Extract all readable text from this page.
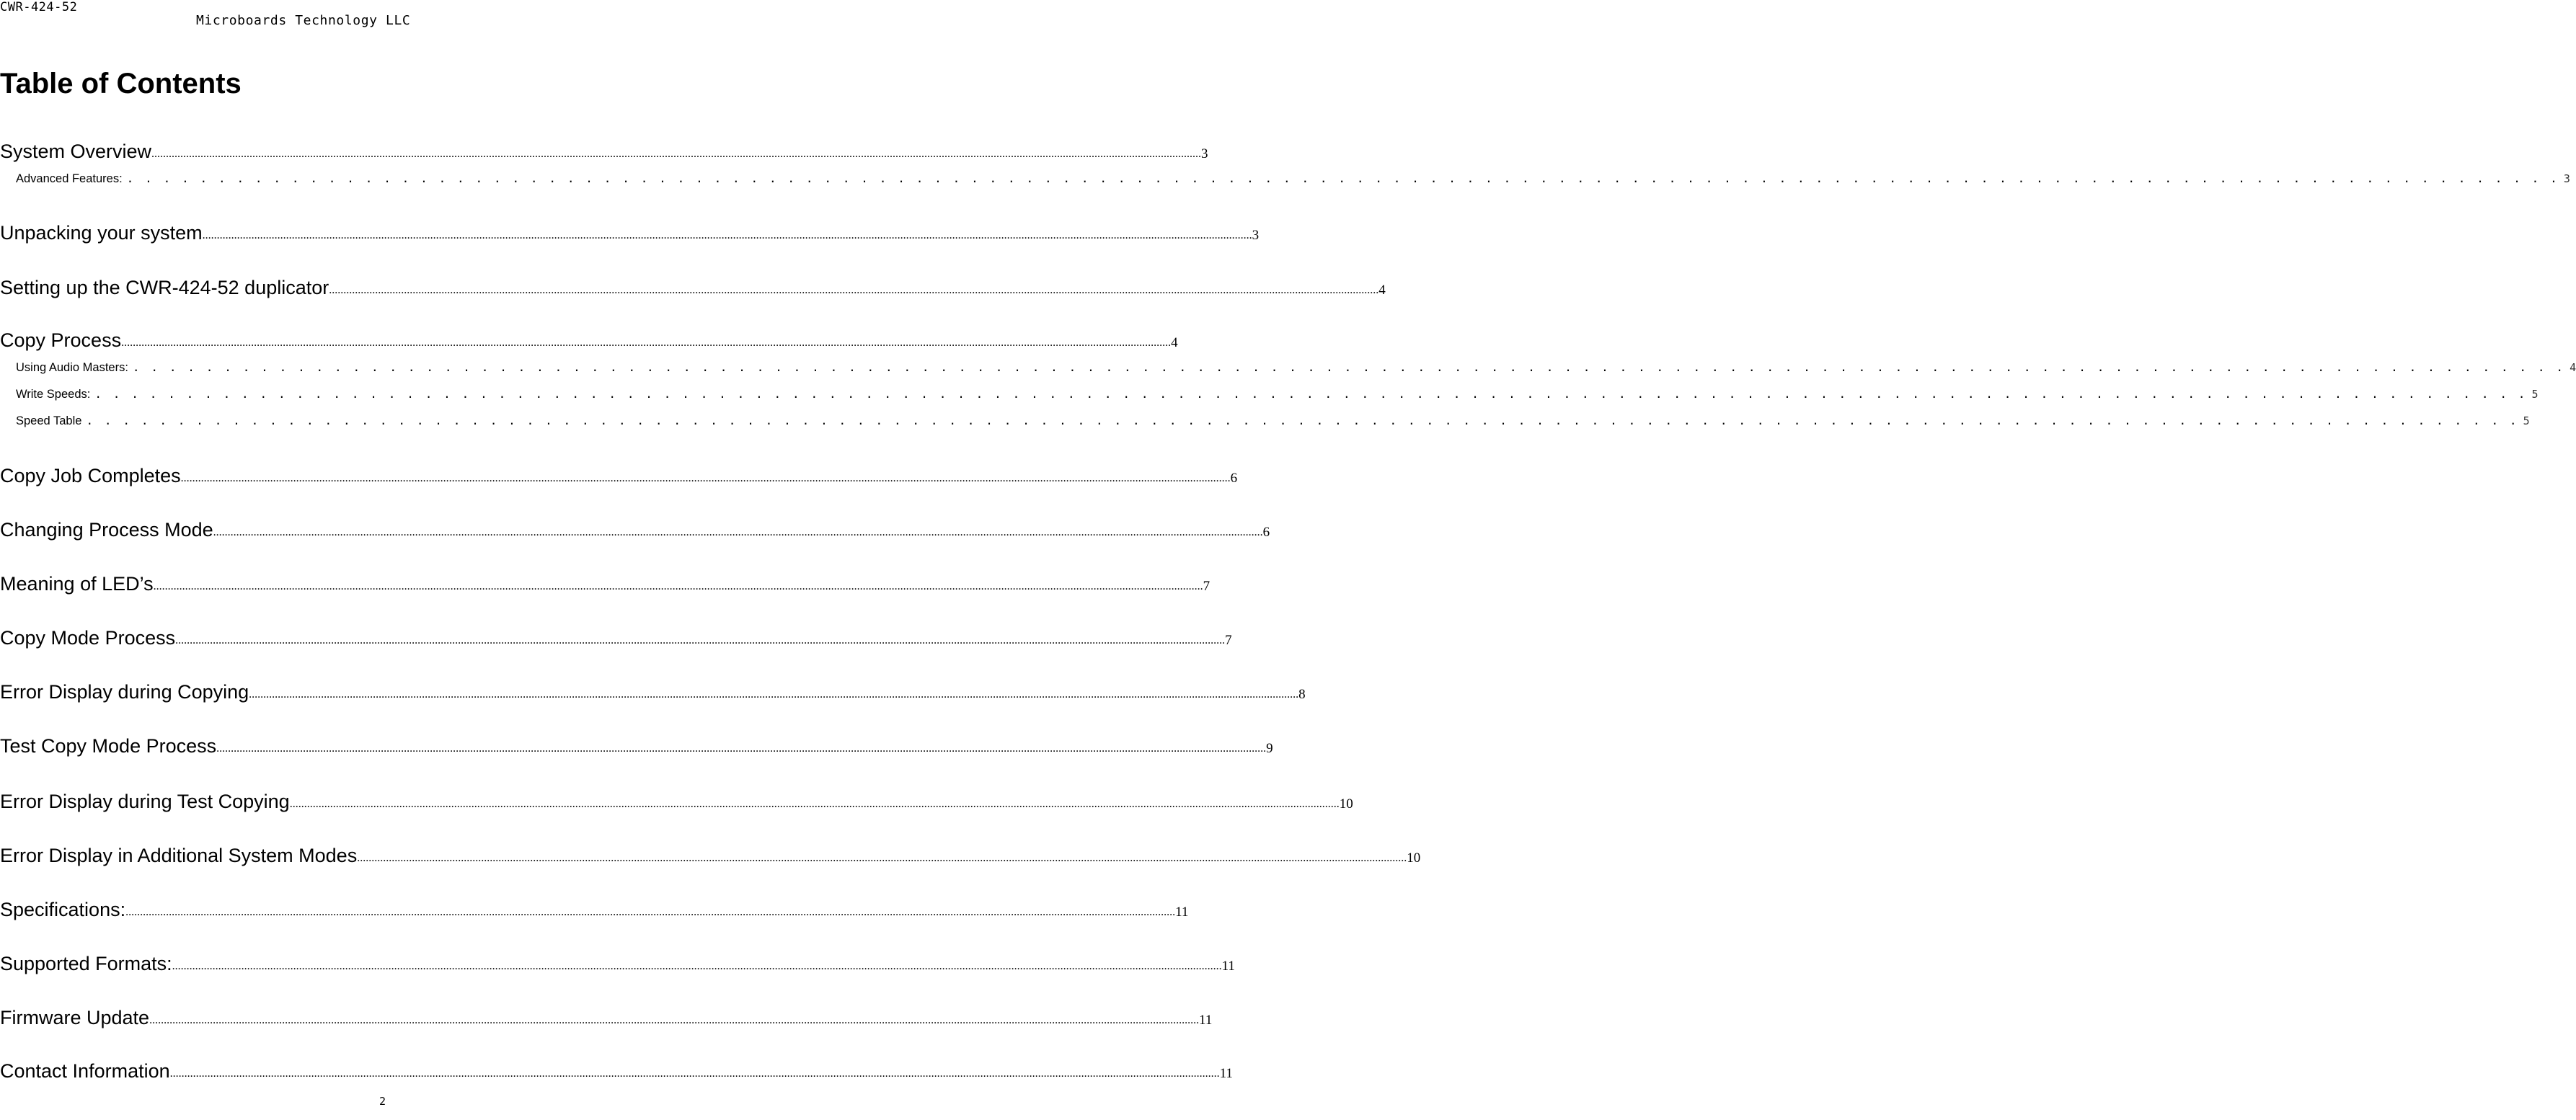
CWR-424-52
Microboards Technology LLC
Table of Contents
System Overview ............................................................................................................................................................................................................................................................................................................................................................................ 3
Advanced Features: . . . . . . . . . . . . . . . . . . . . . . . . . . . . . . . . . . . . . . . . . . . . . . . . . . . . . . . . . . . . . . . . . . . . . . . . . . . . . . . . . . . . . . . . . . . . . . . . . . . . . . . . . . . . . . . . . . . . . . . . . . . . . . . . . . . . . 3
Unpacking your system ............................................................................................................................................................................................................................................................................................................................................................................ 3
Setting up the CWR-424-52 duplicator ............................................................................................................................................................................................................................................................................................................................................................................ 4
Copy Process ............................................................................................................................................................................................................................................................................................................................................................................ 4
Using Audio Masters: . . . . . . . . . . . . . . . . . . . . . . . . . . . . . . . . . . . . . . . . . . . . . . . . . . . . . . . . . . . . . . . . . . . . . . . . . . . . . . . . . . . . . . . . . . . . . . . . . . . . . . . . . . . . . . . . . . . . . . . . . . . . . . . . . . . . . 4
Write Speeds: . . . . . . . . . . . . . . . . . . . . . . . . . . . . . . . . . . . . . . . . . . . . . . . . . . . . . . . . . . . . . . . . . . . . . . . . . . . . . . . . . . . . . . . . . . . . . . . . . . . . . . . . . . . . . . . . . . . . . . . . . . . . . . . . . . . . . 5
Speed Table . . . . . . . . . . . . . . . . . . . . . . . . . . . . . . . . . . . . . . . . . . . . . . . . . . . . . . . . . . . . . . . . . . . . . . . . . . . . . . . . . . . . . . . . . . . . . . . . . . . . . . . . . . . . . . . . . . . . . . . . . . . . . . . . . . . . . 5
Copy Job Completes ............................................................................................................................................................................................................................................................................................................................................................................ 6
Changing Process Mode ............................................................................................................................................................................................................................................................................................................................................................................ 6
Meaning of LED’s ............................................................................................................................................................................................................................................................................................................................................................................ 7
Copy Mode Process ............................................................................................................................................................................................................................................................................................................................................................................ 7
Error Display during Copying ............................................................................................................................................................................................................................................................................................................................................................................ 8
Test Copy Mode Process ............................................................................................................................................................................................................................................................................................................................................................................ 9
Error Display during Test Copying ............................................................................................................................................................................................................................................................................................................................................................................ 10
Error Display in Additional System Modes ............................................................................................................................................................................................................................................................................................................................................................................ 10
Specifications: ............................................................................................................................................................................................................................................................................................................................................................................ 11
Supported Formats: ............................................................................................................................................................................................................................................................................................................................................................................ 11
Firmware Update ............................................................................................................................................................................................................................................................................................................................................................................ 11
Contact Information ............................................................................................................................................................................................................................................................................................................................................................................ 11
2
